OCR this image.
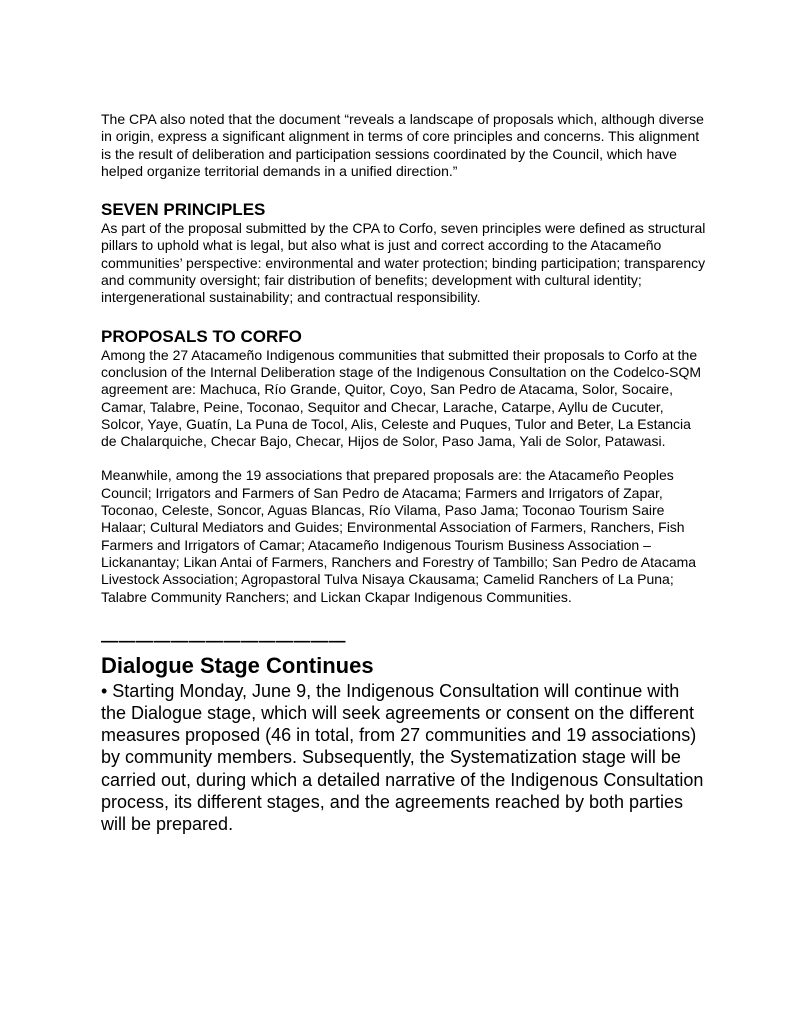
The CPA also noted that the document “reveals a landscape of proposals which, although diverse in origin, express a significant alignment in terms of core principles and concerns. This alignment is the result of deliberation and participation sessions coordinated by the Council, which have helped organize territorial demands in a unified direction.”

SEVEN PRINCIPLES

As part of the proposal submitted by the CPA to Corfo, seven principles were defined as structural pillars to uphold what is legal, but also what is just and correct according to the Atacameño communities’ perspective: environmental and water protection; binding participation; transparency and community oversight; fair distribution of benefits; development with cultural identity; intergenerational sustainability; and contractual responsibility.

PROPOSALS TO CORFO

Among the 27 Atacameño Indigenous communities that submitted their proposals to Corfo at the conclusion of the Internal Deliberation stage of the Indigenous Consultation on the Codelco-SQM agreement are: Machuca, Río Grande, Quitor, Coyo, San Pedro de Atacama, Solor, Socaire, Camar, Talabre, Peine, Toconao, Sequitor and Checar, Larache, Catarpe, Ayllu de Cucuter, Solcor, Yaye, Guatín, La Puna de Tocol, Alis, Celeste and Puques, Tulor and Beter, La Estancia de Chalarquiche, Checar Bajo, Checar, Hijos de Solor, Paso Jama, Yali de Solor, Patawasi.

Meanwhile, among the 19 associations that prepared proposals are: the Atacameño Peoples Council; Irrigators and Farmers of San Pedro de Atacama; Farmers and Irrigators of Zapar, Toconao, Celeste, Soncor, Aguas Blancas, Río Vilama, Paso Jama; Toconao Tourism Saire Halaar; Cultural Mediators and Guides; Environmental Association of Farmers, Ranchers, Fish Farmers and Irrigators of Camar; Atacameño Indigenous Tourism Business Association – Lickanantay; Likan Antai of Farmers, Ranchers and Forestry of Tambillo; San Pedro de Atacama Livestock Association; Agropastoral Tulva Nisaya Ckausama; Camelid Ranchers of La Puna; Talabre Community Ranchers; and Lickan Ckapar Indigenous Communities.

——————————————

Dialogue Stage Continues

• Starting Monday, June 9, the Indigenous Consultation will continue with the Dialogue stage, which will seek agreements or consent on the different measures proposed (46 in total, from 27 communities and 19 associations) by community members. Subsequently, the Systematization stage will be carried out, during which a detailed narrative of the Indigenous Consultation process, its different stages, and the agreements reached by both parties will be prepared.
